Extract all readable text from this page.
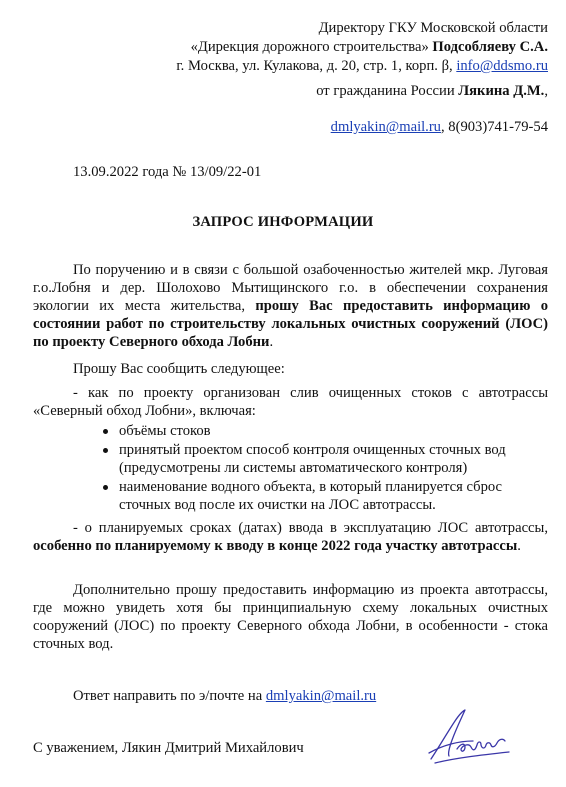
Директору ГКУ Московской области
«Дирекция дорожного строительства» Подсобляеву С.А.
г. Москва, ул. Кулакова, д. 20, стр. 1, корп. β, info@ddsmo.ru
от гражданина России Лякина Д.М.,
dmlyakin@mail.ru, 8(903)741-79-54
13.09.2022 года № 13/09/22-01
ЗАПРОС ИНФОРМАЦИИ
По поручению и в связи с большой озабоченностью жителей мкр. Луговая г.о.Лобня и дер. Шолохово Мытищинского г.о. в обеспечении сохранения экологии их места жительства, прошу Вас предоставить информацию о состоянии работ по строительству локальных очистных сооружений (ЛОС) по проекту Северного обхода Лобни.
Прошу Вас сообщить следующее:
- как по проекту организован слив очищенных стоков с автотрассы «Северный обход Лобни», включая:
объёмы стоков
принятый проектом способ контроля очищенных сточных вод (предусмотрены ли системы автоматического контроля)
наименование водного объекта, в который планируется сброс сточных вод после их очистки на ЛОС автотрассы.
- о планируемых сроках (датах) ввода в эксплуатацию ЛОС автотрассы, особенно по планируемому к вводу в конце 2022 года участку автотрассы.
Дополнительно прошу предоставить информацию из проекта автотрассы, где можно увидеть хотя бы принципиальную схему локальных очистных сооружений (ЛОС) по проекту Северного обхода Лобни, в особенности - стока сточных вод.
Ответ направить по э/почте на dmlyakin@mail.ru
С уважением, Лякин Дмитрий Михайлович
